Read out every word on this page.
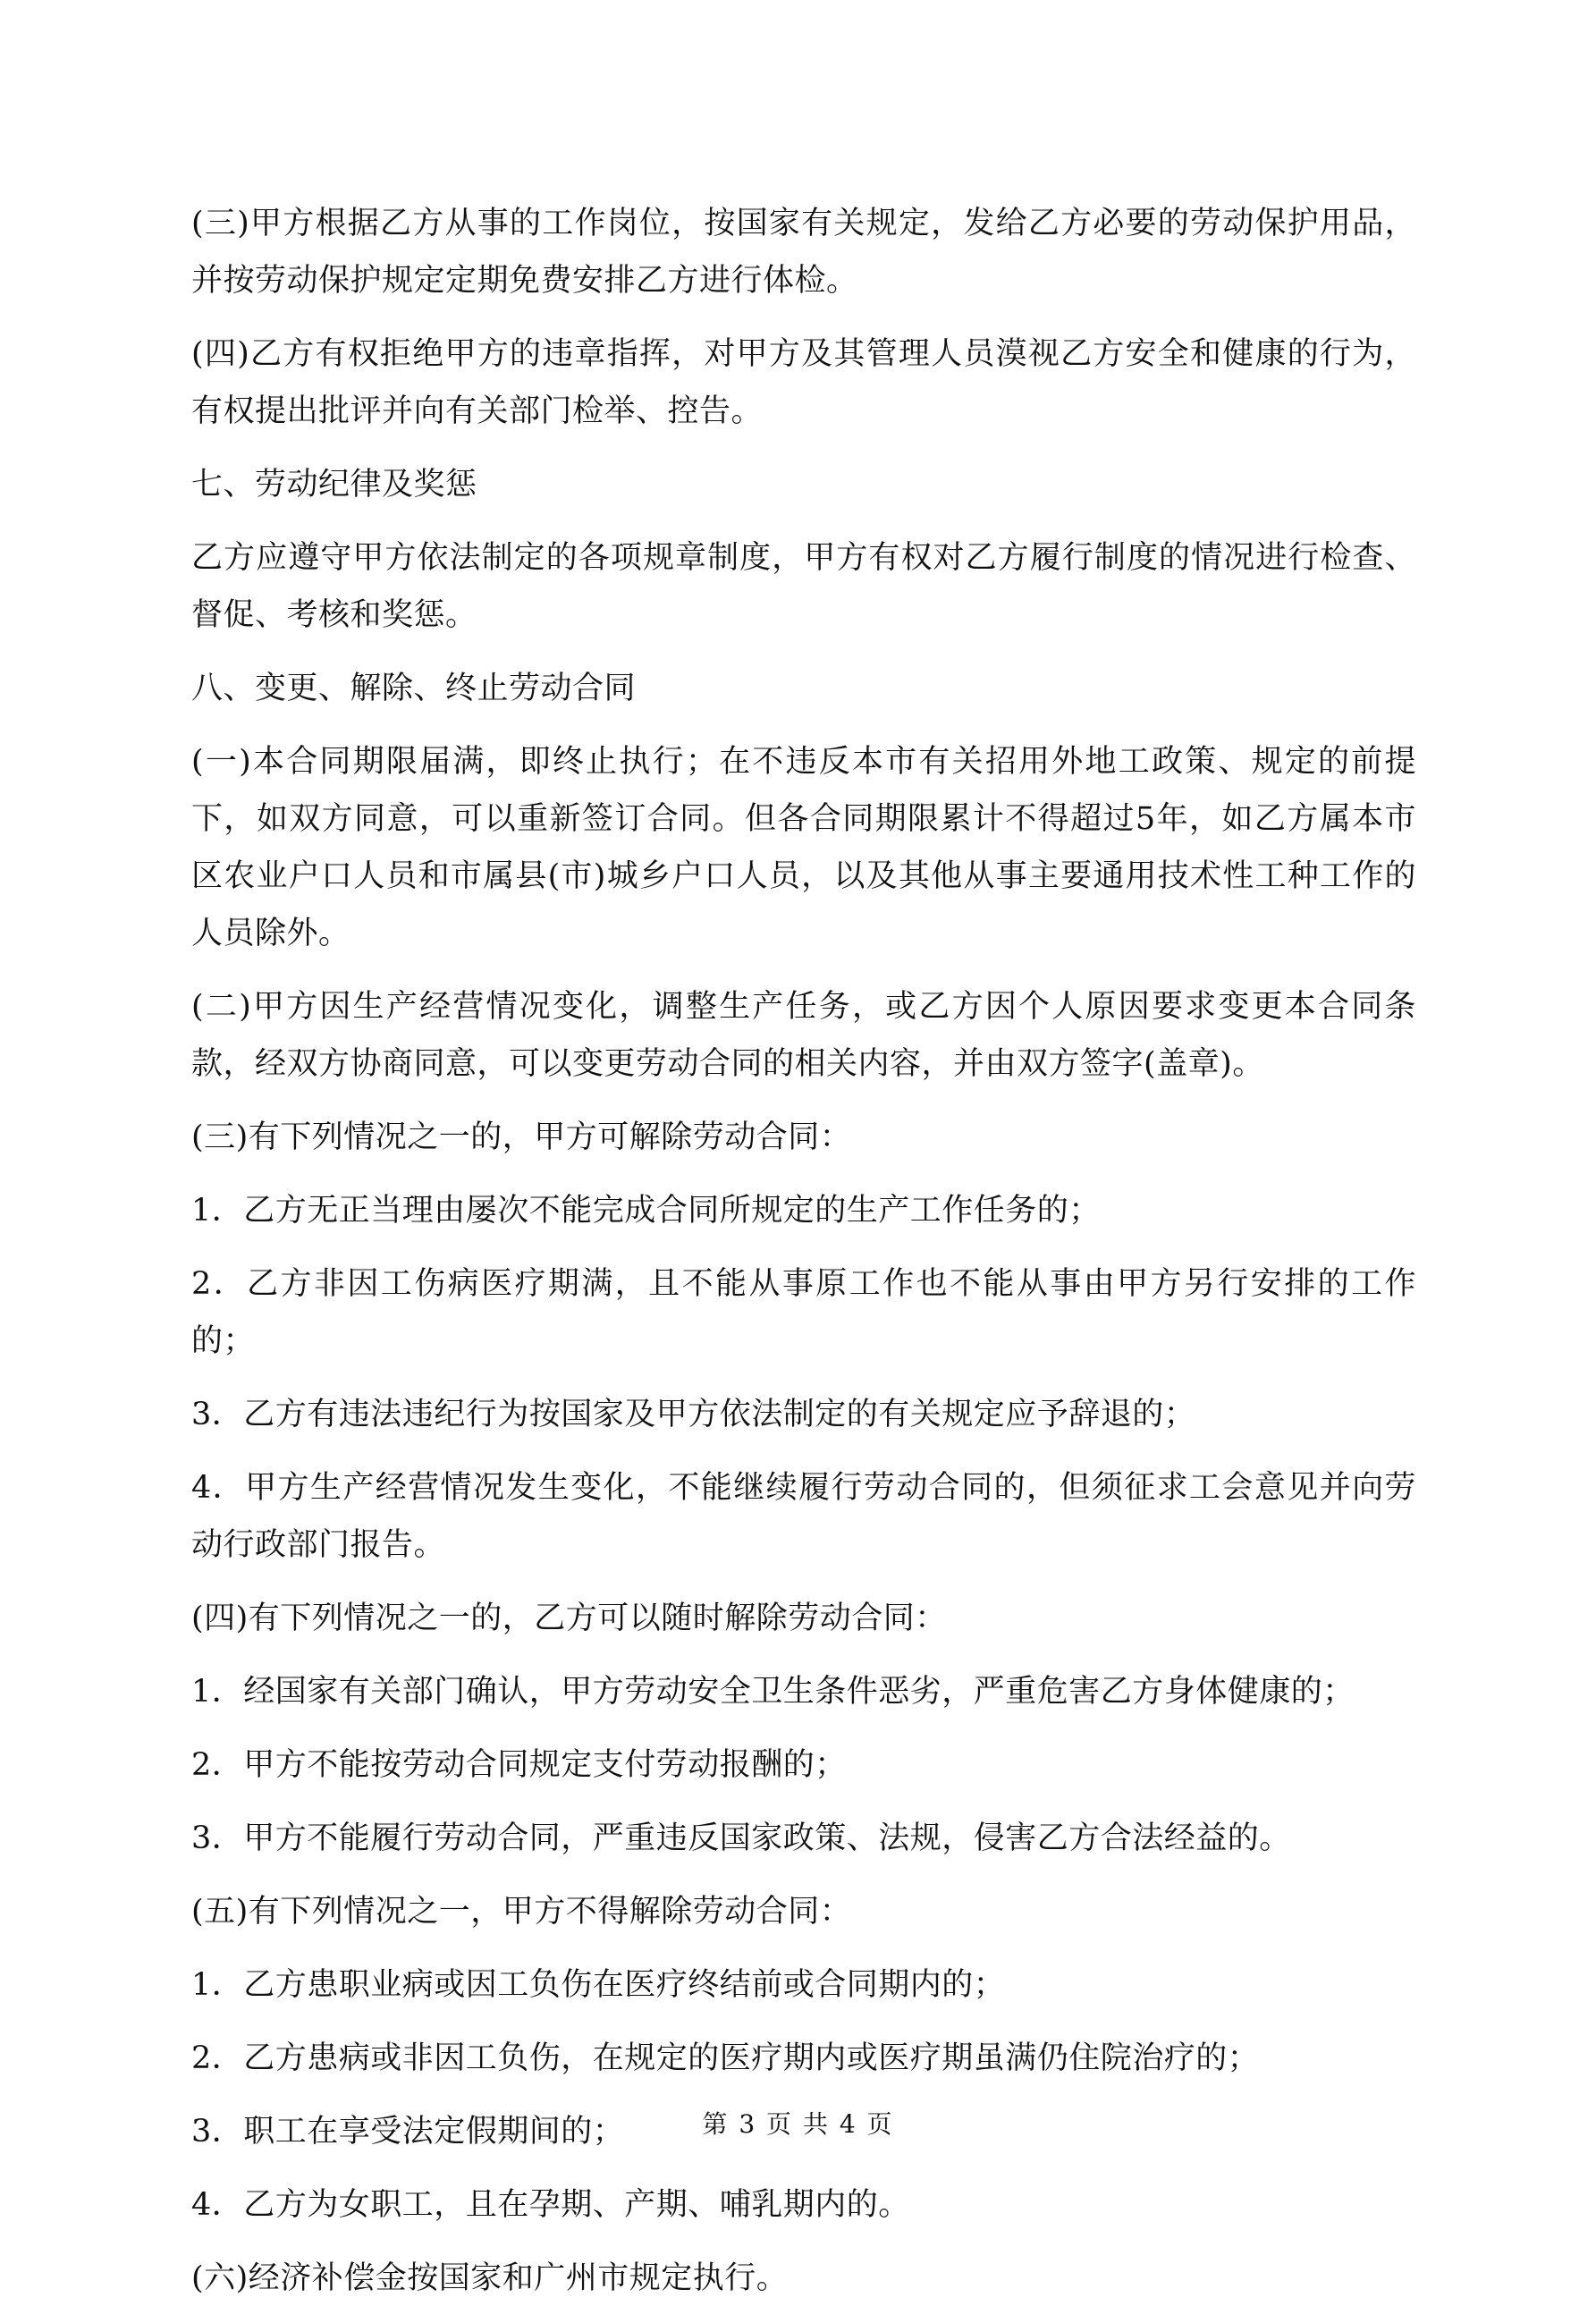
(三)甲方根据乙方从事的工作岗位，按国家有关规定，发给乙方必要的劳动保护用品，并按劳动保护规定定期免费安排乙方进行体检。

(四)乙方有权拒绝甲方的违章指挥，对甲方及其管理人员漠视乙方安全和健康的行为，有权提出批评并向有关部门检举、控告。

七、劳动纪律及奖惩

乙方应遵守甲方依法制定的各项规章制度，甲方有权对乙方履行制度的情况进行检查、督促、考核和奖惩。

八、变更、解除、终止劳动合同

(一)本合同期限届满，即终止执行；在不违反本市有关招用外地工政策、规定的前提下，如双方同意，可以重新签订合同。但各合同期限累计不得超过5年，如乙方属本市区农业户口人员和市属县(市)城乡户口人员，以及其他从事主要通用技术性工种工作的人员除外。

(二)甲方因生产经营情况变化，调整生产任务，或乙方因个人原因要求变更本合同条款，经双方协商同意，可以变更劳动合同的相关内容，并由双方签字(盖章)。

(三)有下列情况之一的，甲方可解除劳动合同：

1．乙方无正当理由屡次不能完成合同所规定的生产工作任务的；

2．乙方非因工伤病医疗期满，且不能从事原工作也不能从事由甲方另行安排的工作的；

3．乙方有违法违纪行为按国家及甲方依法制定的有关规定应予辞退的；

4．甲方生产经营情况发生变化，不能继续履行劳动合同的，但须征求工会意见并向劳动行政部门报告。

(四)有下列情况之一的，乙方可以随时解除劳动合同：

1．经国家有关部门确认，甲方劳动安全卫生条件恶劣，严重危害乙方身体健康的；

2．甲方不能按劳动合同规定支付劳动报酬的；

3．甲方不能履行劳动合同，严重违反国家政策、法规，侵害乙方合法经益的。

(五)有下列情况之一，甲方不得解除劳动合同：

1．乙方患职业病或因工负伤在医疗终结前或合同期内的；

2．乙方患病或非因工负伤，在规定的医疗期内或医疗期虽满仍住院治疗的；

3．职工在享受法定假期间的；

4．乙方为女职工，且在孕期、产期、哺乳期内的。

(六)经济补偿金按国家和广州市规定执行。

第 3 页 共 4 页
